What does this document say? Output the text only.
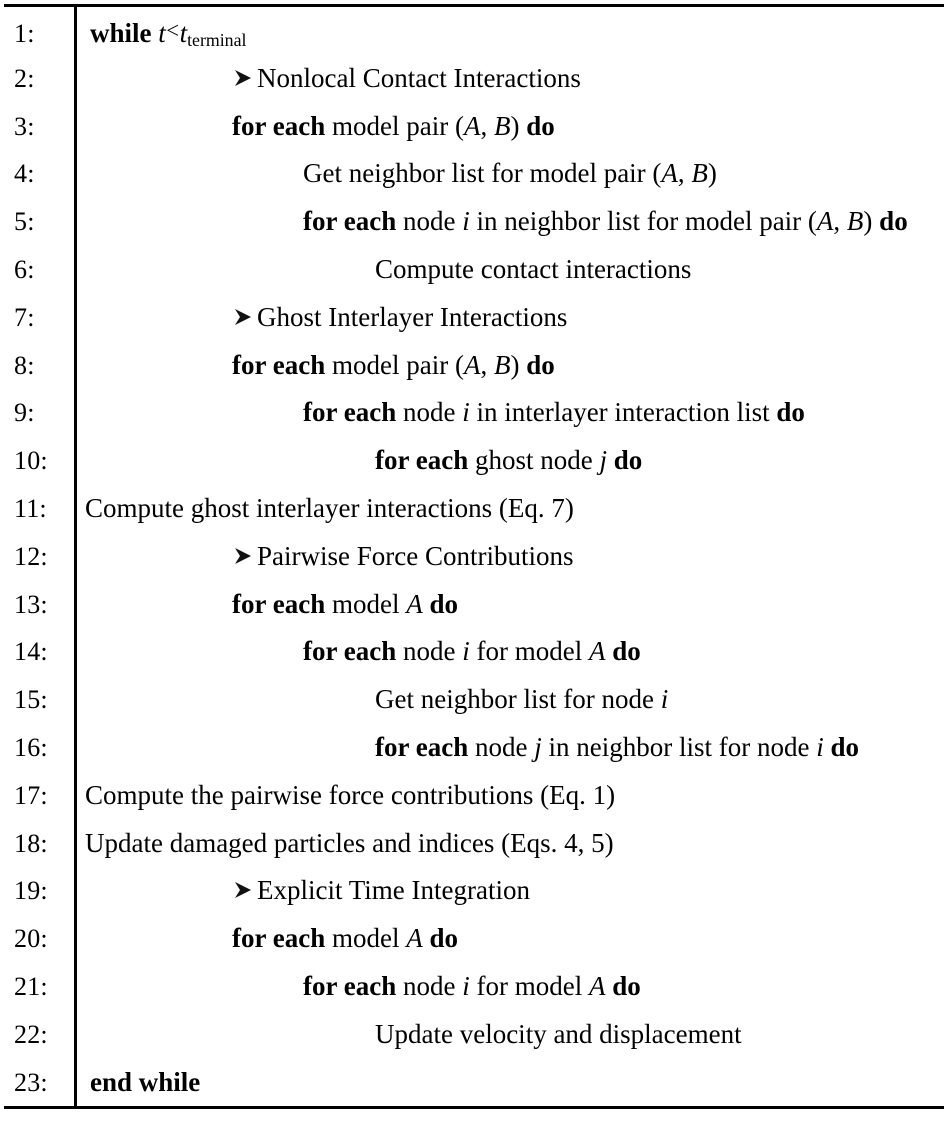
1:	while $t<t_{terminal}$
2:	Nonlocal Contact Interactions
3:	for each model pair (A, B) do
4:	Get neighbor list for model pair (A, B)
5:	for each node i in neighbor list for model pair (A, B) do
6:	Compute contact interactions
7:	Ghost Interlayer Interactions
8:	for each model pair (A, B) do
9:	for each node i in interlayer interaction list do
10:	for each ghost node j do
11:	Compute ghost interlayer interactions (Eq. 7)
12:	Pairwise Force Contributions
13:	for each model A do
14:	for each node i for model A do
15:	Get neighbor list for node i
16:	for each node j in neighbor list for node i do
17:	Compute the pairwise force contributions (Eq. 1)
18:	Update damaged particles and indices (Eqs. 4, 5)
19:	Explicit Time Integration
20:	for each model A do
21:	for each node i for model A do
22:	Update velocity and displacement
23:	end while
